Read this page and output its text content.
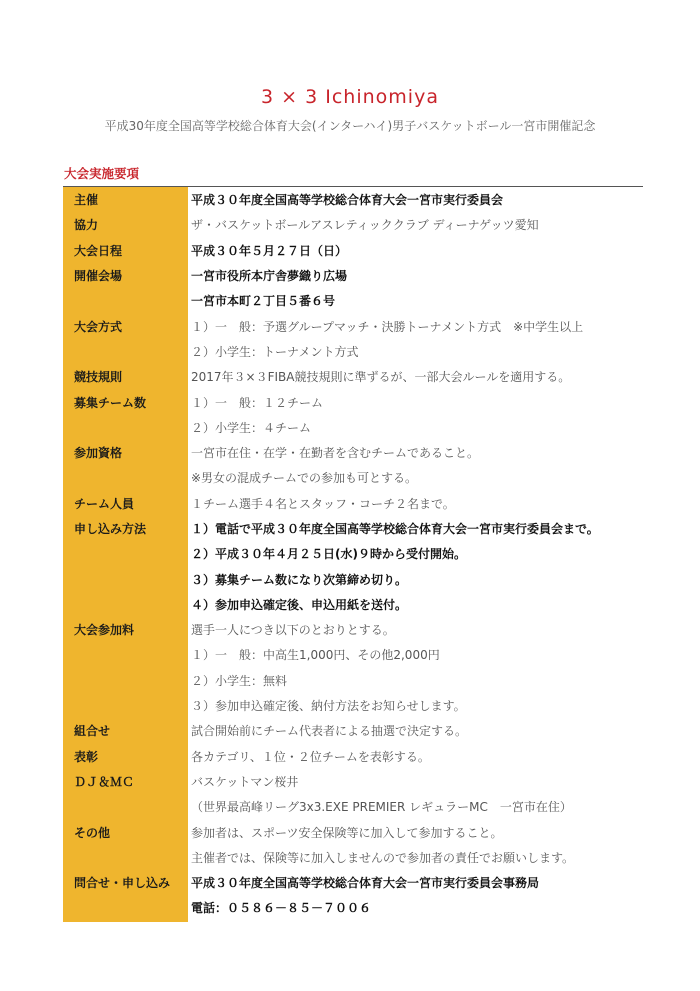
3 × 3 Ichinomiya
平成30年度全国高等学校総合体育大会(インターハイ)男子バスケットボール一宮市開催記念
大会実施要項
主催	平成３０年度全国高等学校総合体育大会一宮市実行委員会
協力	ザ・バスケットボールアスレティッククラブ ディーナゲッツ愛知
大会日程	平成３０年５月２７日（日）
開催会場	一宮市役所本庁舎夢織り広場
一宮市本町２丁目５番６号
大会方式	１）一　般：予選グループマッチ・決勝トーナメント方式　※中学生以上
２）小学生：トーナメント方式
競技規則	2017年３×３FIBA競技規則に準ずるが、一部大会ルールを適用する。
募集チーム数	１）一　般：１２チーム
２）小学生：４チーム
参加資格	一宮市在住・在学・在勤者を含むチームであること。
※男女の混成チームでの参加も可とする。
チーム人員	１チーム選手４名とスタッフ・コーチ２名まで。
申し込み方法	１）電話で平成３０年度全国高等学校総合体育大会一宮市実行委員会まで。
２）平成３０年４月２５日(水)９時から受付開始。
３）募集チーム数になり次第締め切り。
４）参加申込確定後、申込用紙を送付。
大会参加料	選手一人につき以下のとおりとする。
１）一　般：中高生1,000円、その他2,000円
２）小学生：無料
３）参加申込確定後、納付方法をお知らせします。
組合せ	試合開始前にチーム代表者による抽選で決定する。
表彰	各カテゴリ、１位・２位チームを表彰する。
ＤＪ＆ＭＣ	バスケットマン桜井
（世界最高峰リーグ3x3.EXE PREMIER レギュラーMC　一宮市在住）
その他	参加者は、スポーツ安全保険等に加入して参加すること。
主催者では、保険等に加入しませんので参加者の責任でお願いします。
問合せ・申し込み	平成３０年度全国高等学校総合体育大会一宮市実行委員会事務局
電話：０５８６－８５－７００６
